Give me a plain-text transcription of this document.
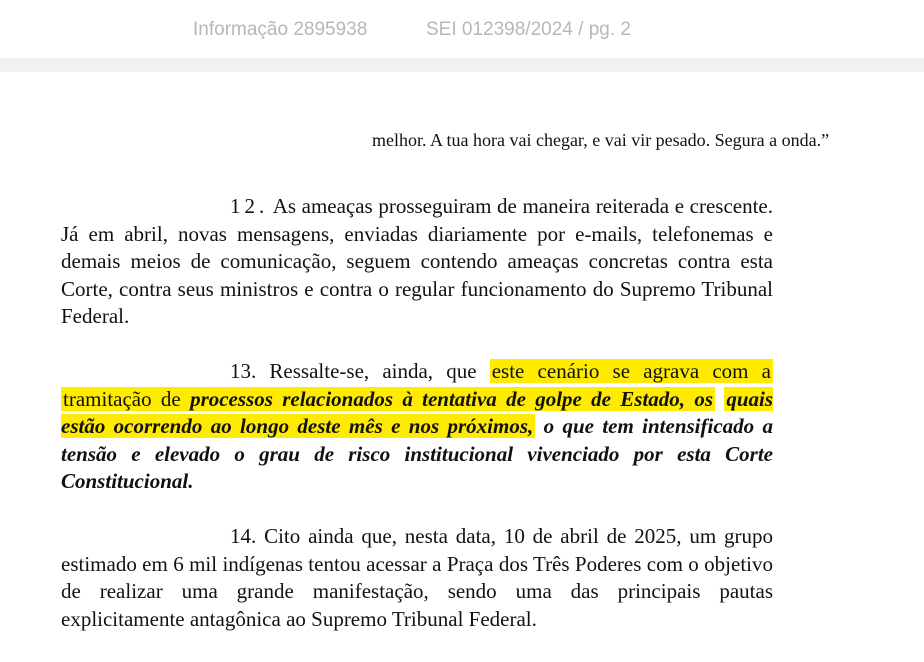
Informação 2895938	SEI 012398/2024 / pg. 2
melhor. A tua hora vai chegar, e vai vir pesado. Segura a onda.”
12. As ameaças prosseguiram de maneira reiterada e crescente. Já em abril, novas mensagens, enviadas diariamente por e-mails, telefonemas e demais meios de comunicação, seguem contendo ameaças concretas contra esta Corte, contra seus ministros e contra o regular funcionamento do Supremo Tribunal Federal.
13. Ressalte-se, ainda, que este cenário se agrava com a tramitação de processos relacionados à tentativa de golpe de Estado, os quais estão ocorrendo ao longo deste mês e nos próximos, o que tem intensificado a tensão e elevado o grau de risco institucional vivenciado por esta Corte Constitucional.
14. Cito ainda que, nesta data, 10 de abril de 2025, um grupo estimado em 6 mil indígenas tentou acessar a Praça dos Três Poderes com o objetivo de realizar uma grande manifestação, sendo uma das principais pautas explicitamente antagônica ao Supremo Tribunal Federal.
